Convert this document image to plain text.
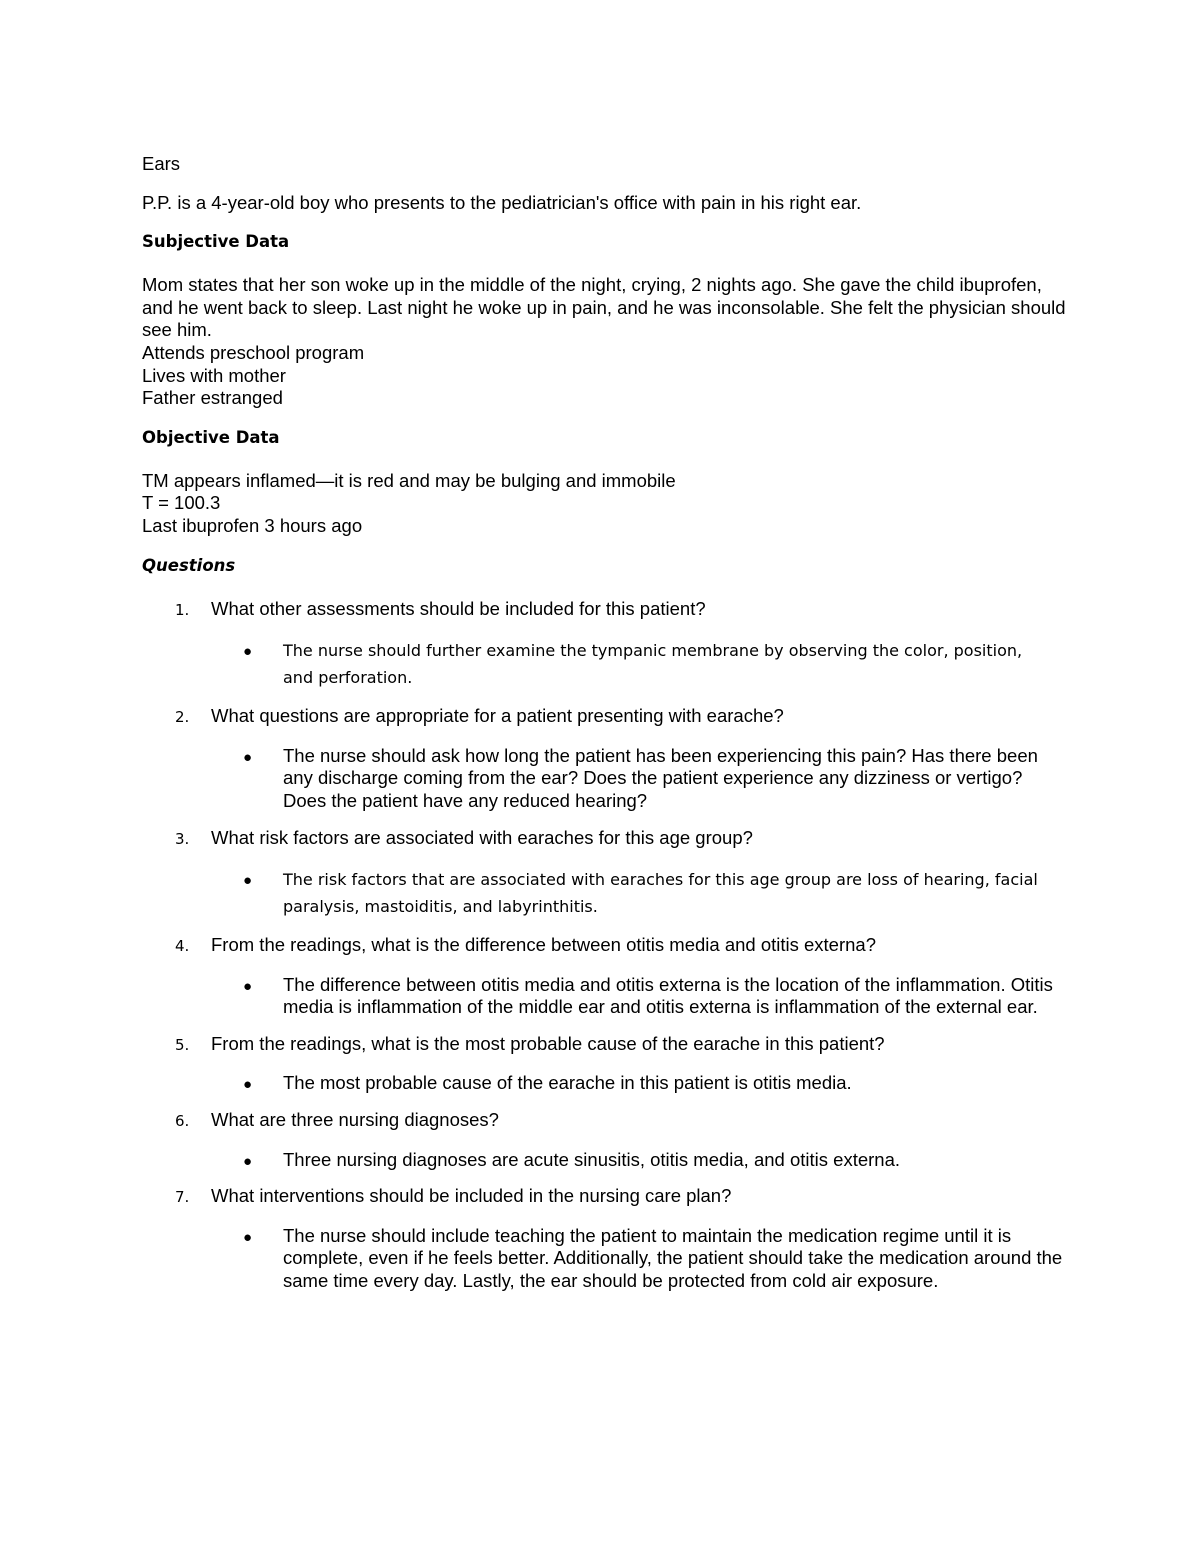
Ears

P.P. is a 4-year-old boy who presents to the pediatrician's office with pain in his right ear.

Subjective Data

Mom states that her son woke up in the middle of the night, crying, 2 nights ago. She gave the child ibuprofen, and he went back to sleep. Last night he woke up in pain, and he was inconsolable. She felt the physician should see him.

Attends preschool program
Lives with mother
Father estranged

Objective Data

TM appears inflamed—it is red and may be bulging and immobile
T = 100.3
Last ibuprofen 3 hours ago

Questions

1.	What other assessments should be included for this patient?
●	The nurse should further examine the tympanic membrane by observing the color, position, and perforation.
2.	What questions are appropriate for a patient presenting with earache?
●	The nurse should ask how long the patient has been experiencing this pain? Has there been any discharge coming from the ear? Does the patient experience any dizziness or vertigo? Does the patient have any reduced hearing?
3.	What risk factors are associated with earaches for this age group?
●	The risk factors that are associated with earaches for this age group are loss of hearing, facial paralysis, mastoiditis, and labyrinthitis.
4.	From the readings, what is the difference between otitis media and otitis externa?
●	The difference between otitis media and otitis externa is the location of the inflammation. Otitis media is inflammation of the middle ear and otitis externa is inflammation of the external ear.
5.	From the readings, what is the most probable cause of the earache in this patient?
●	The most probable cause of the earache in this patient is otitis media.
6.	What are three nursing diagnoses?
●	Three nursing diagnoses are acute sinusitis, otitis media, and otitis externa.
7.	What interventions should be included in the nursing care plan?
●	The nurse should include teaching the patient to maintain the medication regime until it is complete, even if he feels better. Additionally, the patient should take the medication around the same time every day. Lastly, the ear should be protected from cold air exposure.
